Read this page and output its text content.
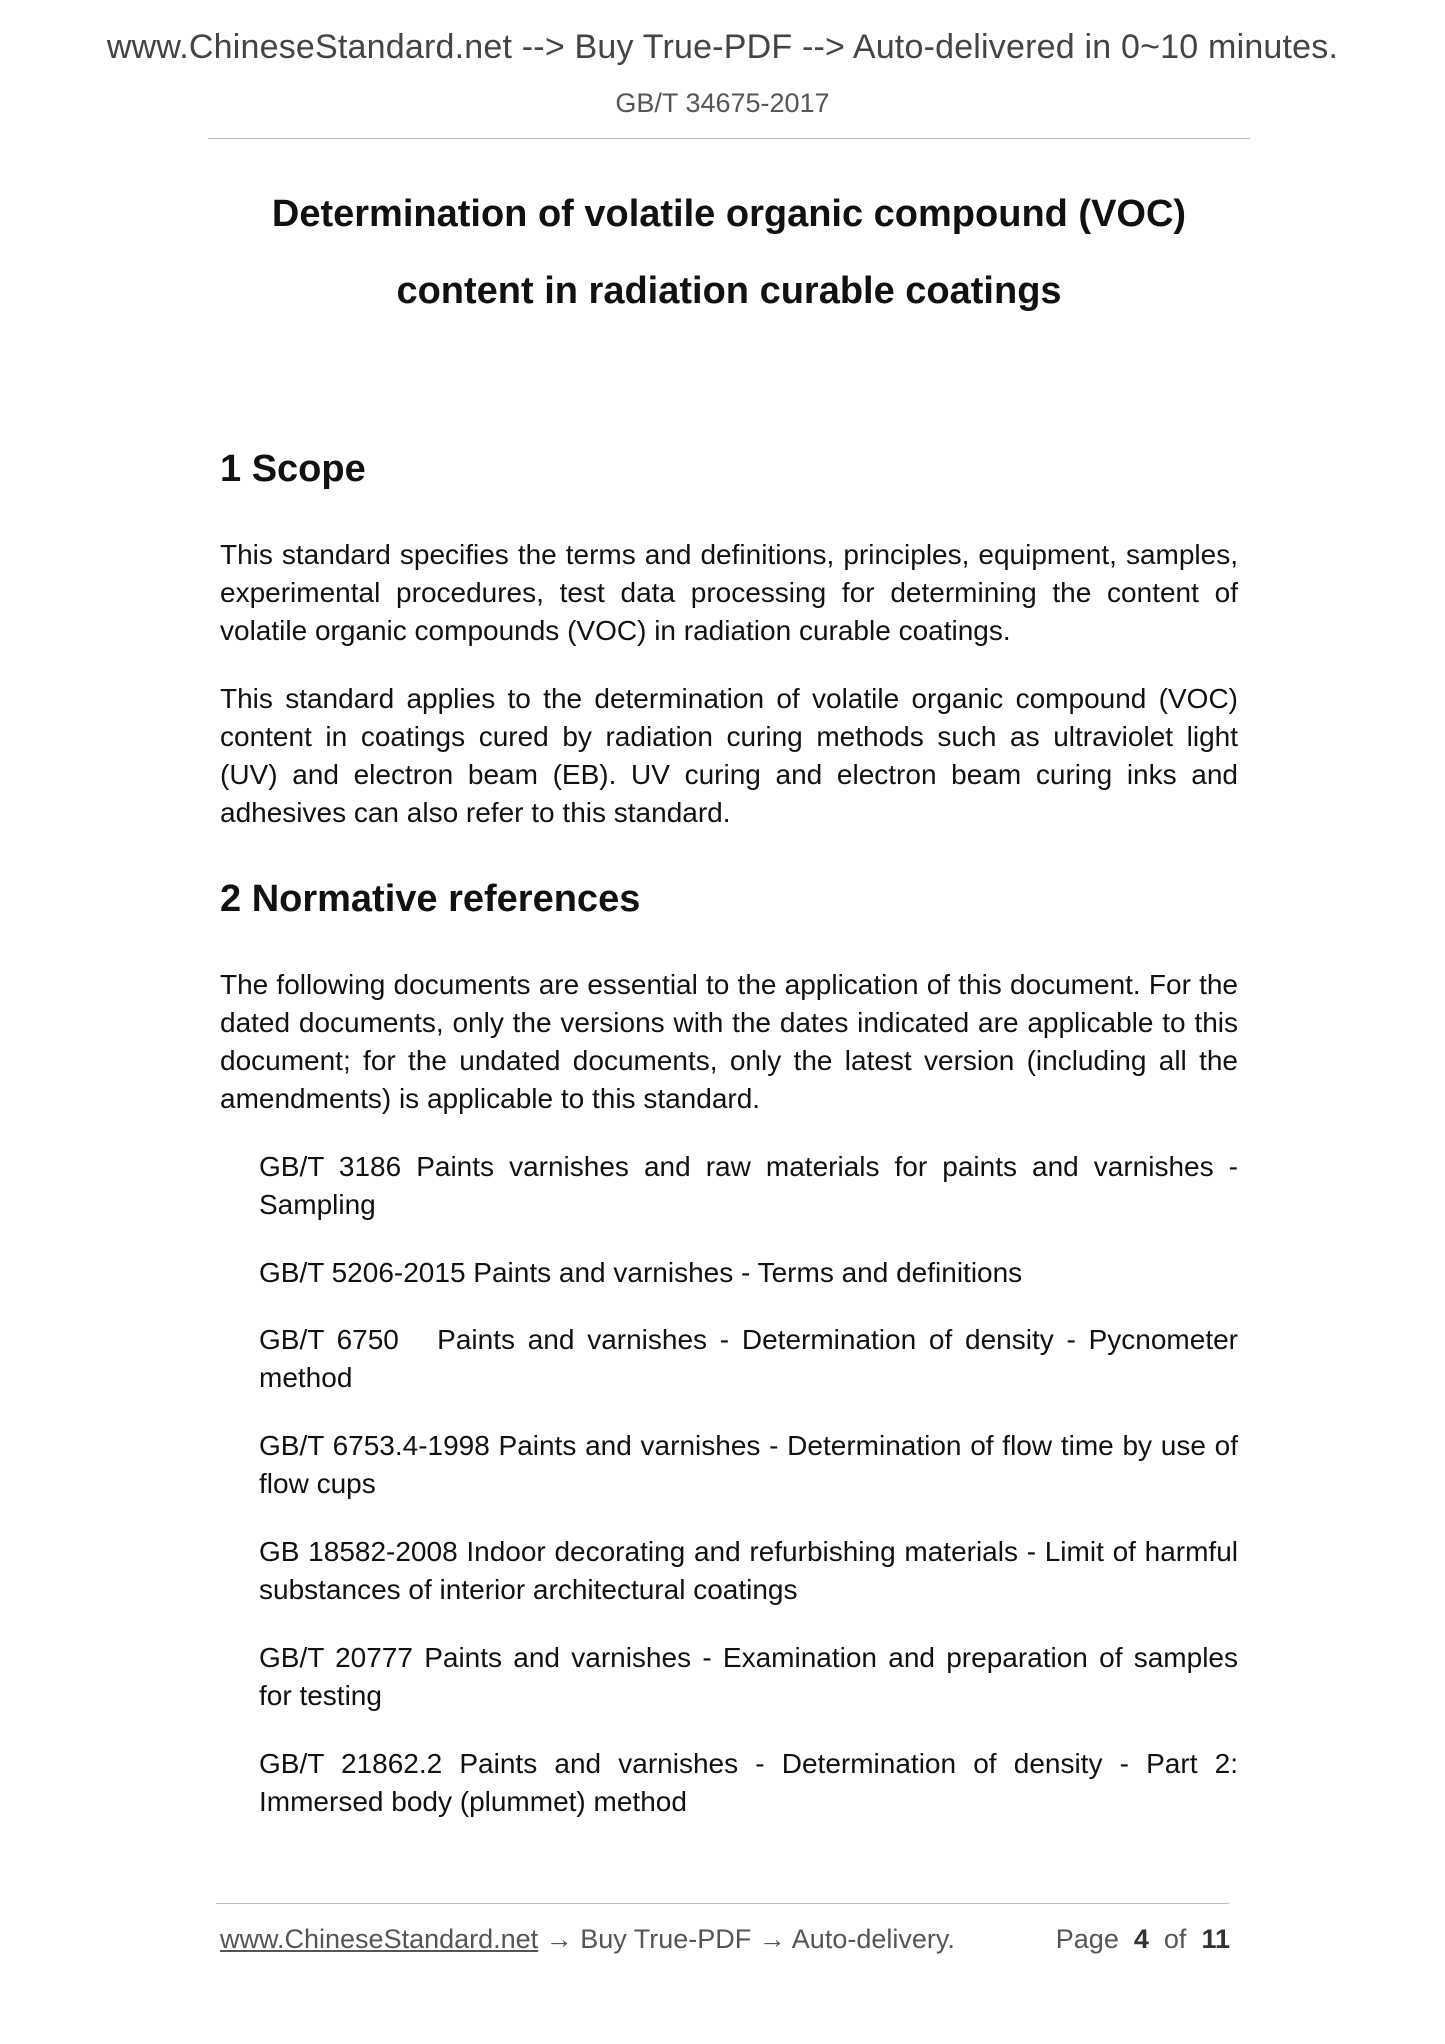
www.ChineseStandard.net --> Buy True-PDF --> Auto-delivered in 0~10 minutes.
GB/T 34675-2017
Determination of volatile organic compound (VOC)
content in radiation curable coatings
1 Scope

This standard specifies the terms and definitions, principles, equipment, samples, experimental procedures, test data processing for determining the content of volatile organic compounds (VOC) in radiation curable coatings.

This standard applies to the determination of volatile organic compound (VOC) content in coatings cured by radiation curing methods such as ultraviolet light (UV) and electron beam (EB). UV curing and electron beam curing inks and adhesives can also refer to this standard.

2 Normative references

The following documents are essential to the application of this document. For the dated documents, only the versions with the dates indicated are applicable to this document; for the undated documents, only the latest version (including all the amendments) is applicable to this standard.

GB/T 3186 Paints varnishes and raw materials for paints and varnishes - Sampling

GB/T 5206-2015 Paints and varnishes - Terms and definitions

GB/T 6750   Paints and varnishes - Determination of density - Pycnometer method

GB/T 6753.4-1998 Paints and varnishes - Determination of flow time by use of flow cups

GB 18582-2008 Indoor decorating and refurbishing materials - Limit of harmful substances of interior architectural coatings

GB/T 20777 Paints and varnishes - Examination and preparation of samples for testing

GB/T 21862.2 Paints and varnishes - Determination of density - Part 2: Immersed body (plummet) method

www.ChineseStandard.net → Buy True-PDF → Auto-delivery.	Page 4 of 11
